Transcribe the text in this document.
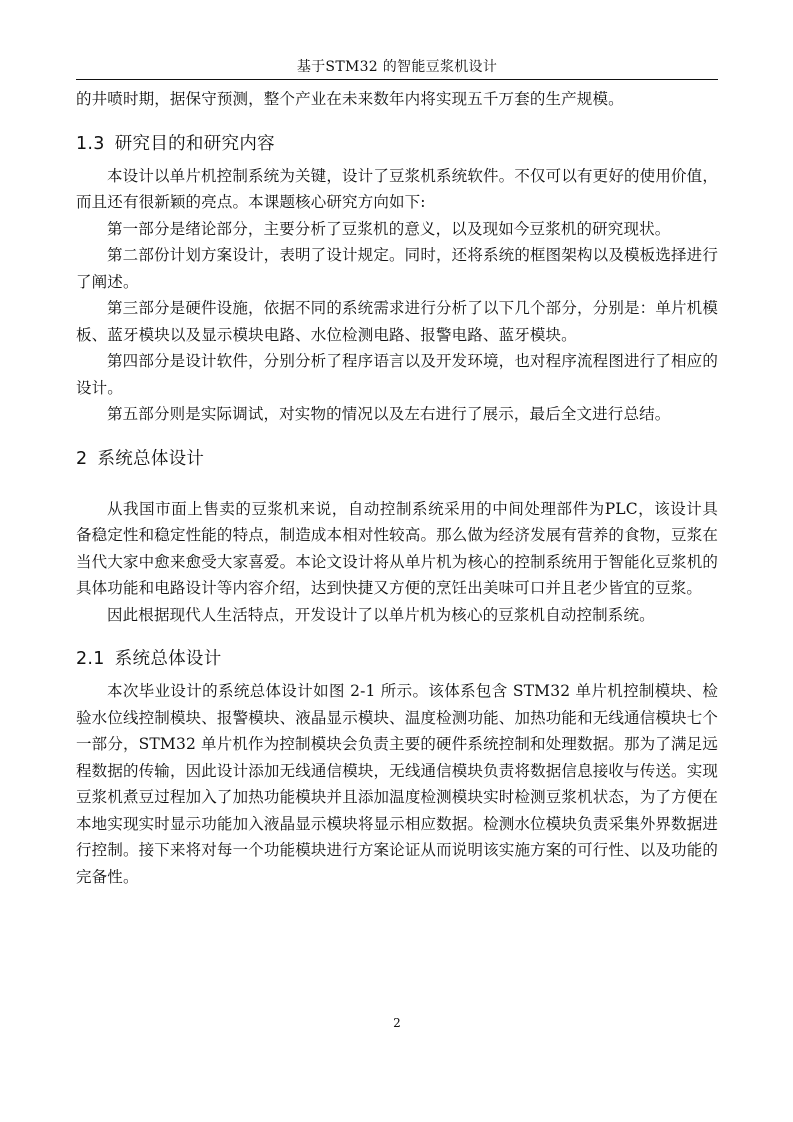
基于STM32 的智能豆浆机设计

的井喷时期，据保守预测，整个产业在未来数年内将实现五千万套的生产规模。

1.3 研究目的和研究内容

本设计以单片机控制系统为关键，设计了豆浆机系统软件。不仅可以有更好的使用价值，而且还有很新颖的亮点。本课题核心研究方向如下:

第一部分是绪论部分，主要分析了豆浆机的意义，以及现如今豆浆机的研究现状。

第二部份计划方案设计，表明了设计规定。同时，还将系统的框图架构以及模板选择进行了阐述。

第三部分是硬件设施，依据不同的系统需求进行分析了以下几个部分，分别是：单片机模板、蓝牙模块以及显示模块电路、水位检测电路、报警电路、蓝牙模块。

第四部分是设计软件，分别分析了程序语言以及开发环境，也对程序流程图进行了相应的设计。

第五部分则是实际调试，对实物的情况以及左右进行了展示，最后全文进行总结。

2 系统总体设计

从我国市面上售卖的豆浆机来说，自动控制系统采用的中间处理部件为PLC，该设计具备稳定性和稳定性能的特点，制造成本相对性较高。那么做为经济发展有营养的食物，豆浆在当代大家中愈来愈受大家喜爱。本论文设计将从单片机为核心的控制系统用于智能化豆浆机的具体功能和电路设计等内容介绍，达到快捷又方便的烹饪出美味可口并且老少皆宜的豆浆。

因此根据现代人生活特点，开发设计了以单片机为核心的豆浆机自动控制系统。

2.1 系统总体设计

本次毕业设计的系统总体设计如图 2-1 所示。该体系包含 STM32 单片机控制模块、检验水位线控制模块、报警模块、液晶显示模块、温度检测功能、加热功能和无线通信模块七个一部分，STM32 单片机作为控制模块会负责主要的硬件系统控制和处理数据。那为了满足远程数据的传输，因此设计添加无线通信模块，无线通信模块负责将数据信息接收与传送。实现豆浆机煮豆过程加入了加热功能模块并且添加温度检测模块实时检测豆浆机状态，为了方便在本地实现实时显示功能加入液晶显示模块将显示相应数据。检测水位模块负责采集外界数据进行控制。接下来将对每一个功能模块进行方案论证从而说明该实施方案的可行性、以及功能的完备性。

2
